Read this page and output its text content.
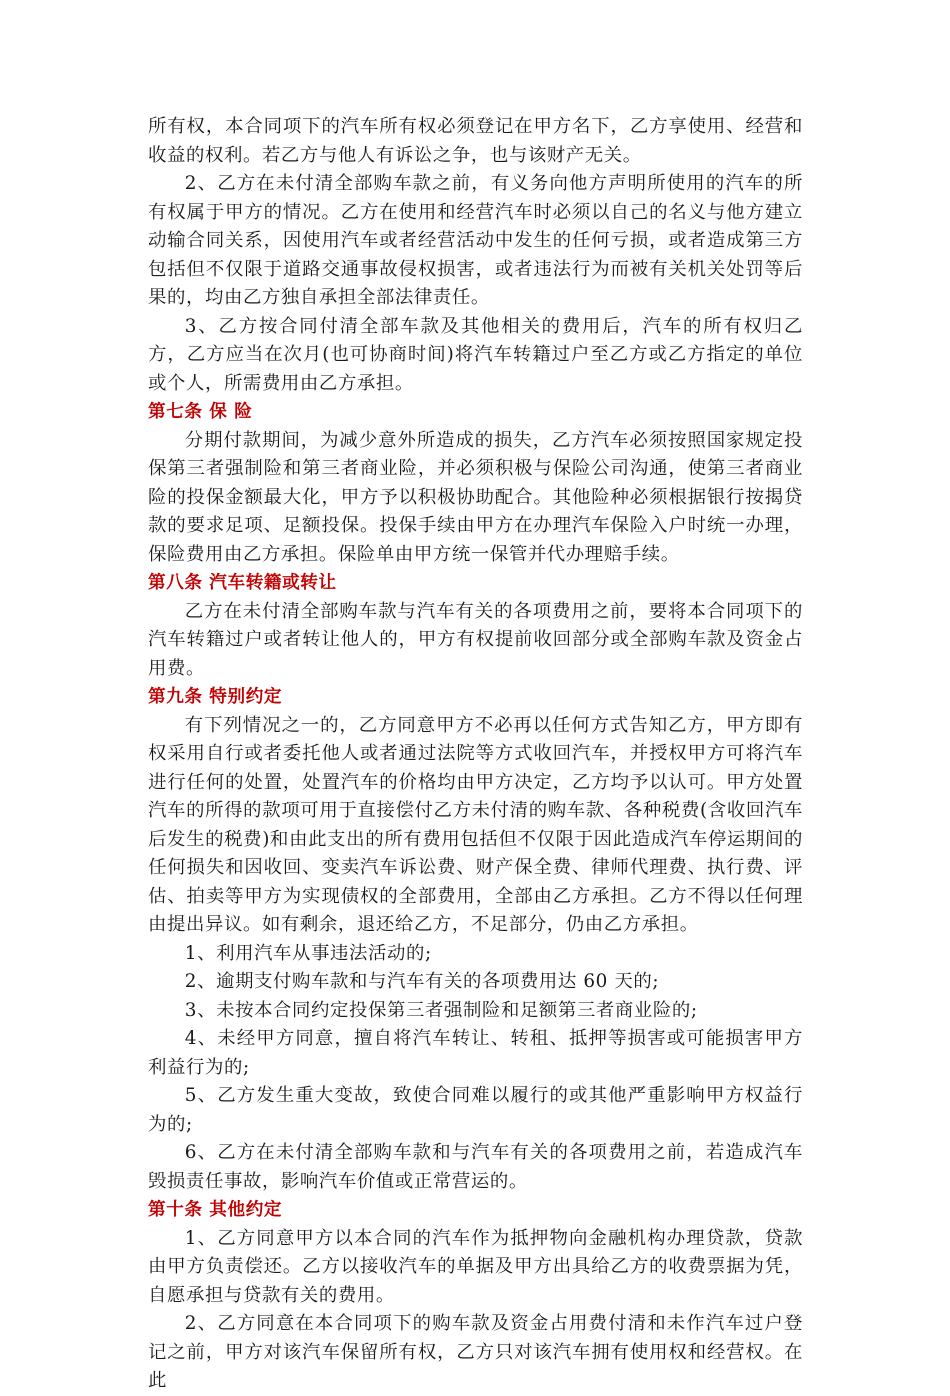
所有权，本合同项下的汽车所有权必须登记在甲方名下，乙方享使用、经营和收益的权利。若乙方与他人有诉讼之争，也与该财产无关。

2、乙方在未付清全部购车款之前，有义务向他方声明所使用的汽车的所有权属于甲方的情况。乙方在使用和经营汽车时必须以自己的名义与他方建立动输合同关系，因使用汽车或者经营活动中发生的任何亏损，或者造成第三方包括但不仅限于道路交通事故侵权损害，或者违法行为而被有关机关处罚等后果的，均由乙方独自承担全部法律责任。

3、乙方按合同付清全部车款及其他相关的费用后，汽车的所有权归乙方，乙方应当在次月(也可协商时间)将汽车转籍过户至乙方或乙方指定的单位或个人，所需费用由乙方承担。

第七条 保 险

分期付款期间，为减少意外所造成的损失，乙方汽车必须按照国家规定投保第三者强制险和第三者商业险，并必须积极与保险公司沟通，使第三者商业险的投保金额最大化，甲方予以积极协助配合。其他险种必须根据银行按揭贷款的要求足项、足额投保。投保手续由甲方在办理汽车保险入户时统一办理，保险费用由乙方承担。保险单由甲方统一保管并代办理赔手续。

第八条 汽车转籍或转让

乙方在未付清全部购车款与汽车有关的各项费用之前，要将本合同项下的汽车转籍过户或者转让他人的，甲方有权提前收回部分或全部购车款及资金占用费。

第九条 特别约定

有下列情况之一的，乙方同意甲方不必再以任何方式告知乙方，甲方即有权采用自行或者委托他人或者通过法院等方式收回汽车，并授权甲方可将汽车进行任何的处置，处置汽车的价格均由甲方决定，乙方均予以认可。甲方处置汽车的所得的款项可用于直接偿付乙方未付清的购车款、各种税费(含收回汽车后发生的税费)和由此支出的所有费用包括但不仅限于因此造成汽车停运期间的任何损失和因收回、变卖汽车诉讼费、财产保全费、律师代理费、执行费、评估、拍卖等甲方为实现债权的全部费用，全部由乙方承担。乙方不得以任何理由提出异议。如有剩余，退还给乙方，不足部分，仍由乙方承担。

1、利用汽车从事违法活动的;

2、逾期支付购车款和与汽车有关的各项费用达 60 天的;

3、未按本合同约定投保第三者强制险和足额第三者商业险的;

4、未经甲方同意，擅自将汽车转让、转租、抵押等损害或可能损害甲方利益行为的;

5、乙方发生重大变故，致使合同难以履行的或其他严重影响甲方权益行为的;

6、乙方在未付清全部购车款和与汽车有关的各项费用之前，若造成汽车毁损责任事故，影响汽车价值或正常营运的。

第十条 其他约定

1、乙方同意甲方以本合同的汽车作为抵押物向金融机构办理贷款，贷款由甲方负责偿还。乙方以接收汽车的单据及甲方出具给乙方的收费票据为凭，自愿承担与贷款有关的费用。

2、乙方同意在本合同项下的购车款及资金占用费付清和未作汽车过户登记之前，甲方对该汽车保留所有权，乙方只对该汽车拥有使用权和经营权。在此
